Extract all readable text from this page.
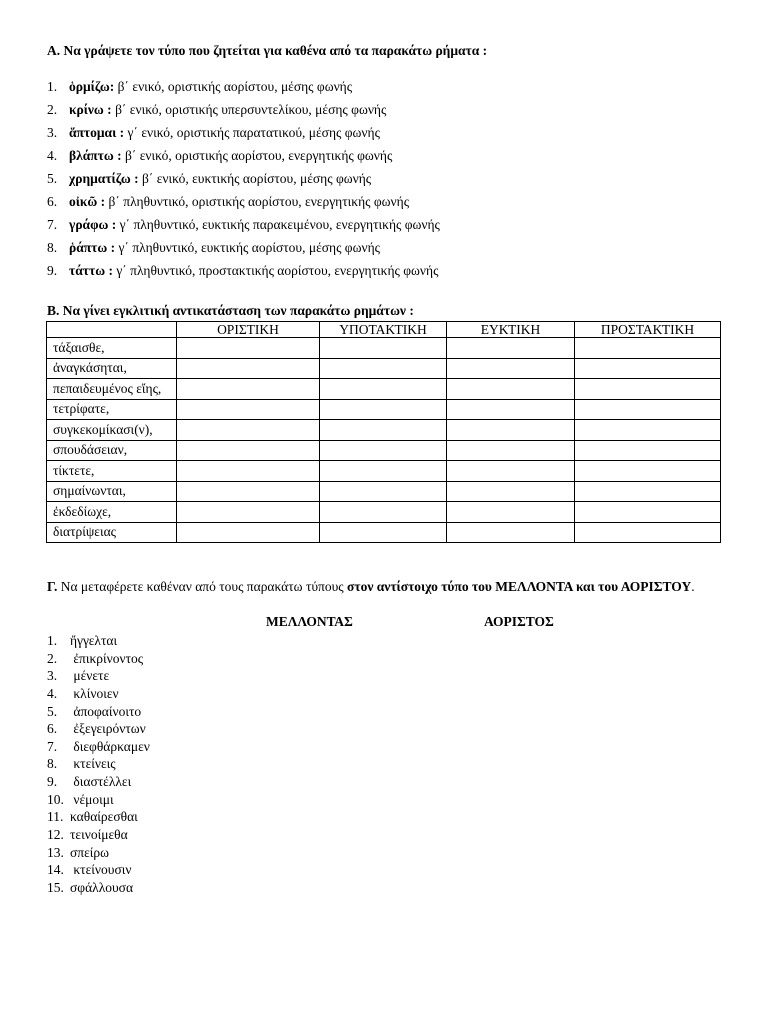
Α. Να γράψετε τον τύπο που ζητείται για καθένα από τα παρακάτω ρήματα :
1. ὁρμίζω: β΄ ενικό, οριστικής αορίστου, μέσης φωνής
2. κρίνω : β΄ ενικό, οριστικής υπερσυντελίκου, μέσης φωνής
3. ἅπτομαι : γ΄ ενικό, οριστικής παρατατικού, μέσης φωνής
4. βλάπτω : β΄ ενικό, οριστικής αορίστου, ενεργητικής φωνής
5. χρηματίζω : β΄ ενικό, ευκτικής αορίστου, μέσης φωνής
6. οἰκῶ : β΄ πληθυντικό, οριστικής αορίστου, ενεργητικής φωνής
7. γράφω : γ΄ πληθυντικό, ευκτικής παρακειμένου, ενεργητικής φωνής
8. ῥάπτω : γ΄ πληθυντικό, ευκτικής αορίστου, μέσης φωνής
9. τάττω : γ΄ πληθυντικό, προστακτικής αορίστου, ενεργητικής φωνής
Β. Να γίνει εγκλιτική αντικατάσταση των παρακάτω ρημάτων :
	ΟΡΙΣΤΙΚΗ	ΥΠΟΤΑΚΤΙΚΗ	ΕΥΚΤΙΚΗ	ΠΡΟΣΤΑΚΤΙΚΗ
τάξαισθε,				
ἀναγκάσηται,				
πεπαιδευμένος εἴης,				
τετρίφατε,				
συγκεκομίκασι(ν),				
σπουδάσειαν,				
τίκτετε,				
σημαίνωνται,				
ἐκδεδίωχε,				
διατρίψειας				
Γ. Να μεταφέρετε καθέναν από τους παρακάτω τύπους στον αντίστοιχο τύπο του ΜΕΛΛΟΝΤΑ και του ΑΟΡΙΣΤΟΥ.
ΜΕΛΛΟΝΤΑΣ	ΑΟΡΙΣΤΟΣ
1. ἤγγελται
2. ἐπικρίνοντος
3. μένετε
4. κλίνοιεν
5. ἀποφαίνοιτο
6. ἐξεγειρόντων
7. διεφθάρκαμεν
8. κτείνεις
9. διαστέλλει
10. νέμοιμι
11. καθαίρεσθαι
12. τεινοίμεθα
13. σπείρω
14. κτείνουσιν
15. σφάλλουσα
